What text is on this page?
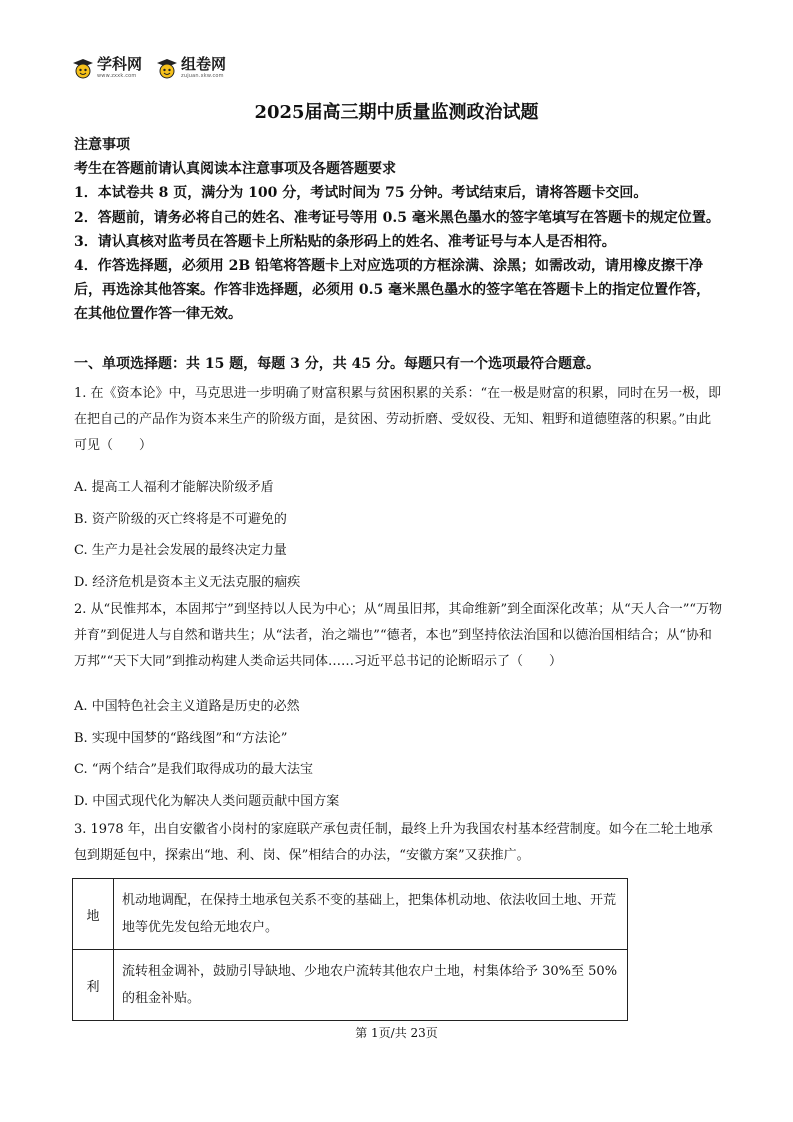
学科网
www.zxxk.com
组卷网
zujuan.xkw.com
2025届高三期中质量监测政治试题

注意事项

考生在答题前请认真阅读本注意事项及各题答题要求

1．本试卷共 8 页，满分为 100 分，考试时间为 75 分钟。考试结束后，请将答题卡交回。

2．答题前，请务必将自己的姓名、准考证号等用 0.5 毫米黑色墨水的签字笔填写在答题卡的规定位置。

3．请认真核对监考员在答题卡上所粘贴的条形码上的姓名、准考证号与本人是否相符。

4．作答选择题，必须用 2B 铅笔将答题卡上对应选项的方框涂满、涂黑；如需改动，请用橡皮擦干净后，再选涂其他答案。作答非选择题，必须用 0.5 毫米黑色墨水的签字笔在答题卡上的指定位置作答，在其他位置作答一律无效。

一、单项选择题：共 15 题，每题 3 分，共 45 分。每题只有一个选项最符合题意。

1. 在《资本论》中，马克思进一步明确了财富积累与贫困积累的关系：“在一极是财富的积累，同时在另一极，即在把自己的产品作为资本来生产的阶级方面，是贫困、劳动折磨、受奴役、无知、粗野和道德堕落的积累。”由此可见（　　）

A. 提高工人福利才能解决阶级矛盾
B. 资产阶级的灭亡终将是不可避免的
C. 生产力是社会发展的最终决定力量
D. 经济危机是资本主义无法克服的痼疾

2. 从“民惟邦本，本固邦宁”到坚持以人民为中心；从“周虽旧邦，其命维新”到全面深化改革；从“天人合一”“万物并育”到促进人与自然和谐共生；从“法者，治之端也”“德者，本也”到坚持依法治国和以德治国相结合；从“协和万邦”“天下大同”到推动构建人类命运共同体……习近平总书记的论断昭示了（　　）

A. 中国特色社会主义道路是历史的必然
B. 实现中国梦的“路线图”和“方法论”
C. “两个结合”是我们取得成功的最大法宝
D. 中国式现代化为解决人类问题贡献中国方案

3. 1978 年，出自安徽省小岗村的家庭联产承包责任制，最终上升为我国农村基本经营制度。如今在二轮土地承包到期延包中，探索出“地、利、岗、保”相结合的办法，“安徽方案”又获推广。

地	机动地调配，在保持土地承包关系不变的基础上，把集体机动地、依法收回土地、开荒地等优先发包给无地农户。
利	流转租金调补，鼓励引导缺地、少地农户流转其他农户土地，村集体给予 30%至 50%的租金补贴。
第 1页/共 23页
